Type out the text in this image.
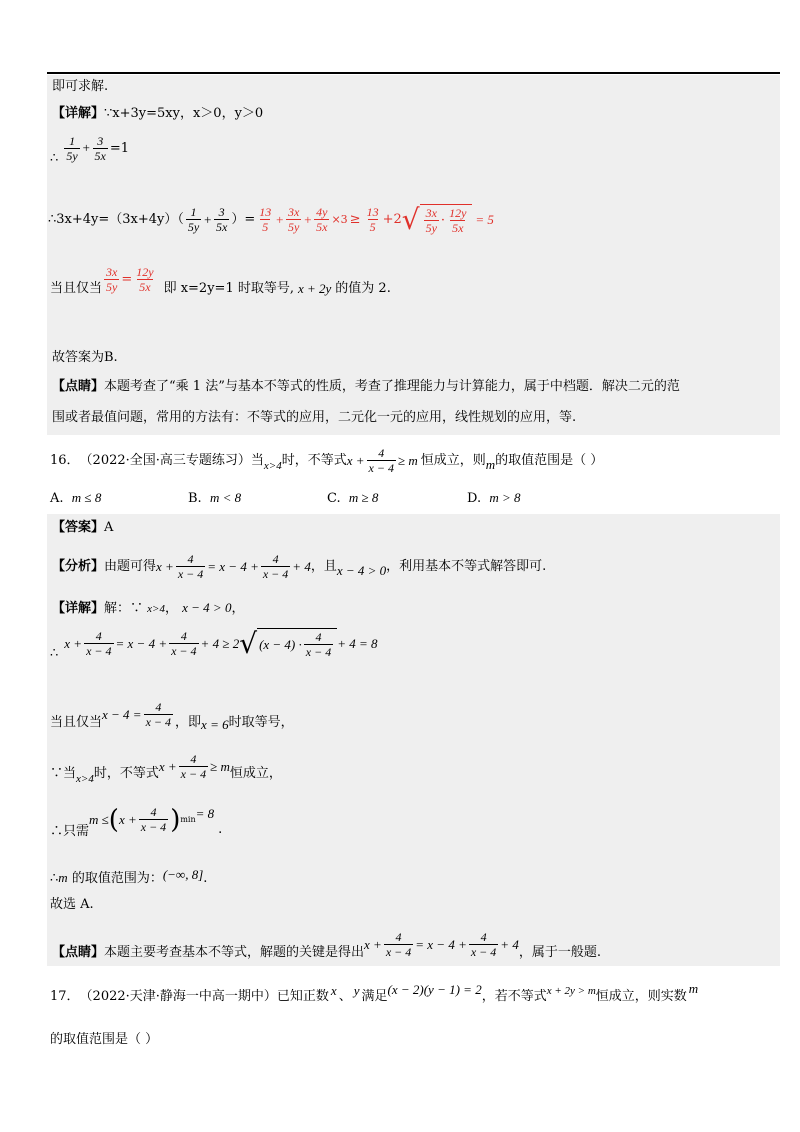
即可求解.
【详解】∵x+3y=5xy，x＞0，y＞0
∴ $\frac{1}{5y} + \frac{3}{5x} =1$
∴3x+4y=（3x+4y）（ $\frac{1}{5y} + \frac{3}{5x}$ ）= $\frac{13}{5} + \frac{3x}{5y} + \frac{4y}{5x} \times 3 \ge \frac{13}{5} +2$ √ $\frac{3x}{5y} \cdot \frac{12y}{5x} = 5$
当且仅当 $\frac{3x}{5y} = \frac{12y}{5x}$ 即 x=2y=1 时取等号, x + 2y 的值为 2.
故答案为B.
【点睛】本题考查了“乘 1 法”与基本不等式的性质，考查了推理能力与计算能力，属于中档题．解决二元的范
围或者最值问题，常用的方法有：不等式的应用，二元化一元的应用，线性规划的应用，等.
16． （2022·全国·高三专题练习） 当 x>4 时，不等式 $x + \frac{4}{x - 4} \ge m$ 恒成立，则 m 的取值范围是（ ）
A. m ≤ 8	B. m < 8	C. m ≥ 8	D. m > 8
【答案】A
【分析】 由题可得 $x + \frac{4}{x - 4} = x - 4 + \frac{4}{x - 4} + 4$ ，且 x − 4 > 0 ，利用基本不等式解答即可.
【详解】解：∵ x>4， x − 4 > 0，
∴
$x + \frac{4}{x - 4} = x - 4 + \frac{4}{x - 4} + 4 \ge 2$ √ $(x - 4) \cdot \frac{4}{x - 4} + 4 = 8$
当且仅当
$x - 4 = \frac{4}{x - 4}$ ，即 x = 6 时取等号，
∵当 x>4 时，不等式 $x + \frac{4}{x - 4} \ge m$ 恒成立，
∴只需
m ≤ ( $x + \frac{4}{x - 4}$ ) min = 8
.
∴m 的取值范围为：(−∞, 8].
故选 A.
【点睛】 本题主要考查基本不等式，解题的关键是得出
$x + \frac{4}{x - 4} = x - 4 + \frac{4}{x - 4} + 4$
，属于一般题.
17． （2022·天津·静海一中高一期中） 已知正数 x 、 y 满足 (x − 2)(y − 1) = 2 ，若不等式 x + 2y > m 恒成立，则实数
m
的取值范围是（ ）
